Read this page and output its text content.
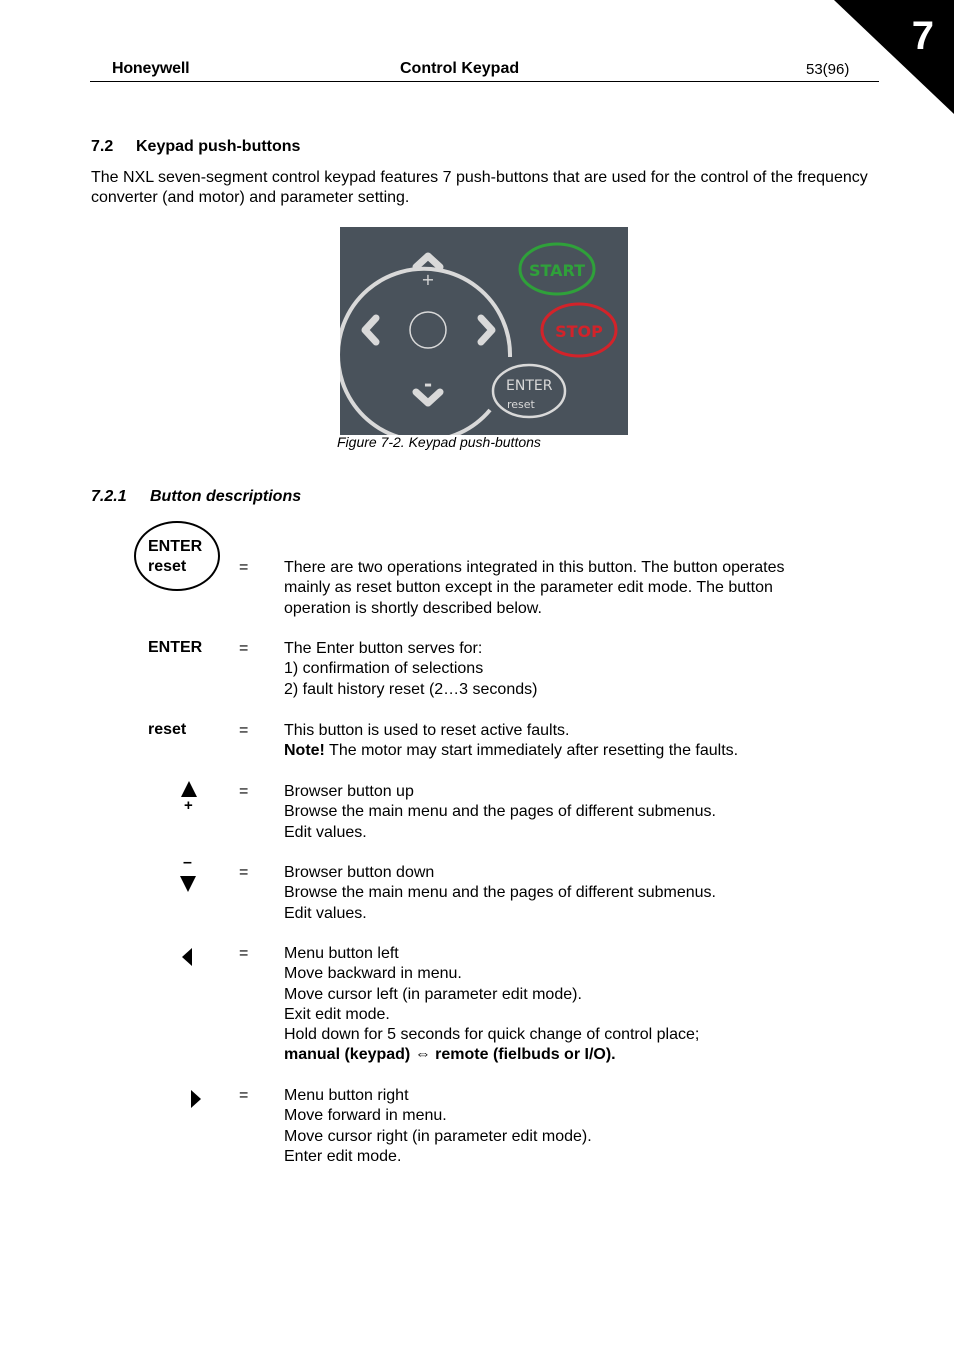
7
Honeywell	Control Keypad	53(96)
7.2 Keypad push-buttons
The NXL seven-segment control keypad features 7 push-buttons that are used for the control of the frequency converter (and motor) and parameter setting.
+
-
START
STOP
ENTER
reset
Figure 7-2. Keypad push-buttons
7.2.1 Button descriptions
ENTER
reset	= There are two operations integrated in this button. The button operates
mainly as reset button except in the parameter edit mode. The button
operation is shortly described below.
ENTER = The Enter button serves for:
1) confirmation of selections
2) fault history reset (2…3 seconds)
reset	= This button is used to reset active faults.
Note! The motor may start immediately after resetting the faults.
+
= Browser button up
Browse the main menu and the pages of different submenus.
Edit values.
–
= Browser button down
Browse the main menu and the pages of different submenus.
Edit values.
= Menu button left
Move backward in menu.
Move cursor left (in parameter edit mode).
Exit edit mode.
Hold down for 5 seconds for quick change of control place;
manual (keypad) ⇔ remote (fielbuds or I/O).
= Menu button right
Move forward in menu.
Move cursor right (in parameter edit mode).
Enter edit mode.
